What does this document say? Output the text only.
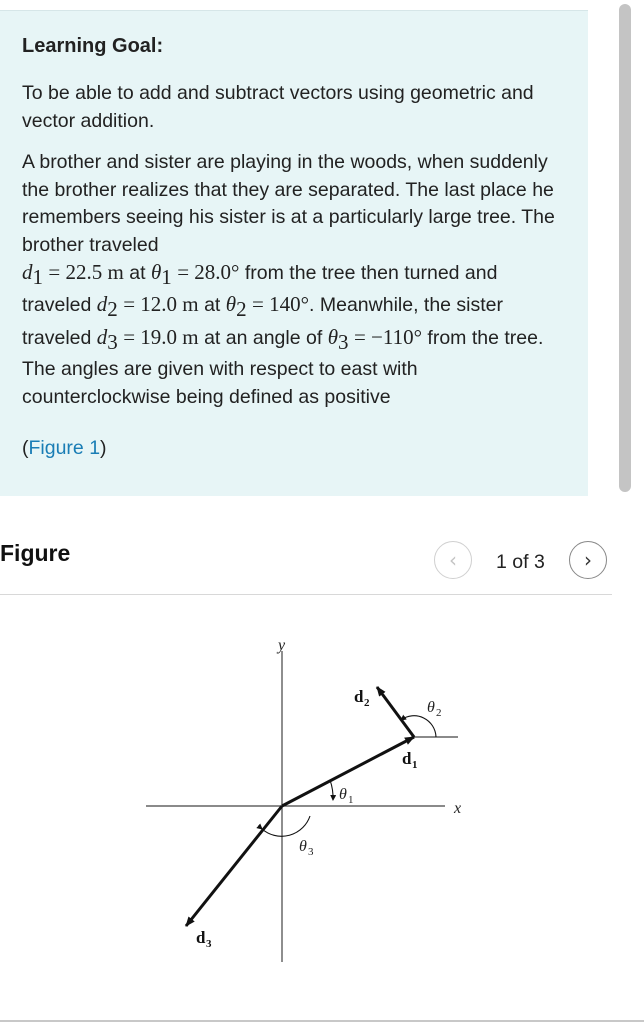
Learning Goal:

To be able to add and subtract vectors using geometric and vector addition.

A brother and sister are playing in the woods, when suddenly the brother realizes that they are separated. The last place he remembers seeing his sister is at a particularly large tree. The brother traveled
$d_1 = 22.5$ m at $\theta_1 = 28.0^\circ$ from the tree then turned and traveled $d_2 = 12.0$ m at $\theta_2 = 140^\circ$. Meanwhile, the sister traveled $d_3 = 19.0$ m at an angle of $\theta_3 = -110^\circ$ from the tree. The angles are given with respect to east with counterclockwise being defined as positive

(Figure 1)
Figure	‹ 1 of 3 ›
y
x
d 1
d 2
d 3
θ 1
θ 2
θ 3
